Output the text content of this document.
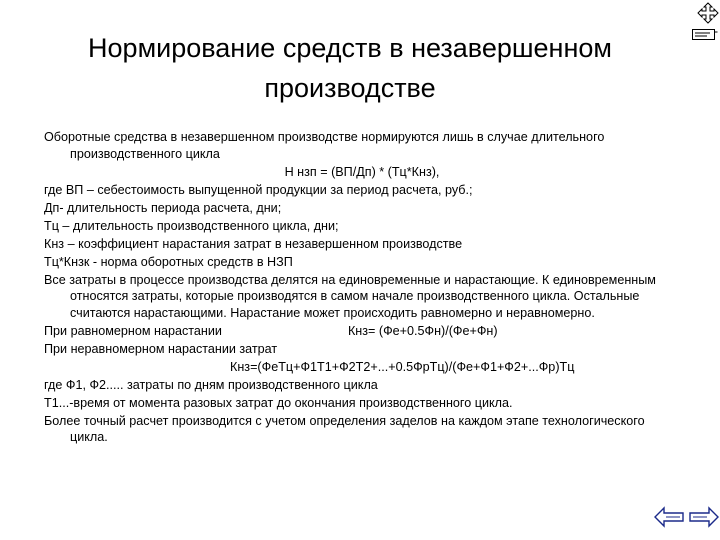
Нормирование средств в незавершенном
производстве
Оборотные средства в незавершенном производстве нормируются лишь в случае длительного производственного цикла
Н нзп = (ВП/Дп) * (Тц*Кнз),
где ВП – себестоимость выпущенной продукции за период расчета, руб.;
Дп- длительность периода расчета, дни;
Тц – длительность производственного цикла, дни;
Кнз – коэффициент нарастания затрат в незавершенном производстве
Тц*Кнзк - норма оборотных средств в НЗП
Все затраты в процессе производства делятся на единовременные и нарастающие. К единовременным относятся затраты, которые производятся в самом начале производственного цикла. Остальные считаются нарастающими. Нарастание может происходить равномерно и неравномерно.
При равномерном нарастании	Кнз= (Фе+0.5Фн)/(Фе+Фн)
При неравномерном нарастании затрат
Кнз=(ФеТц+Ф1Т1+Ф2Т2+...+0.5ФрТц)/(Фе+Ф1+Ф2+...Фр)Тц
где Ф1, Ф2..... затраты по дням производственного цикла
Т1...-время от момента разовых затрат до окончания производственного цикла.
Более точный расчет производится с учетом определения заделов на каждом этапе технологического цикла.
